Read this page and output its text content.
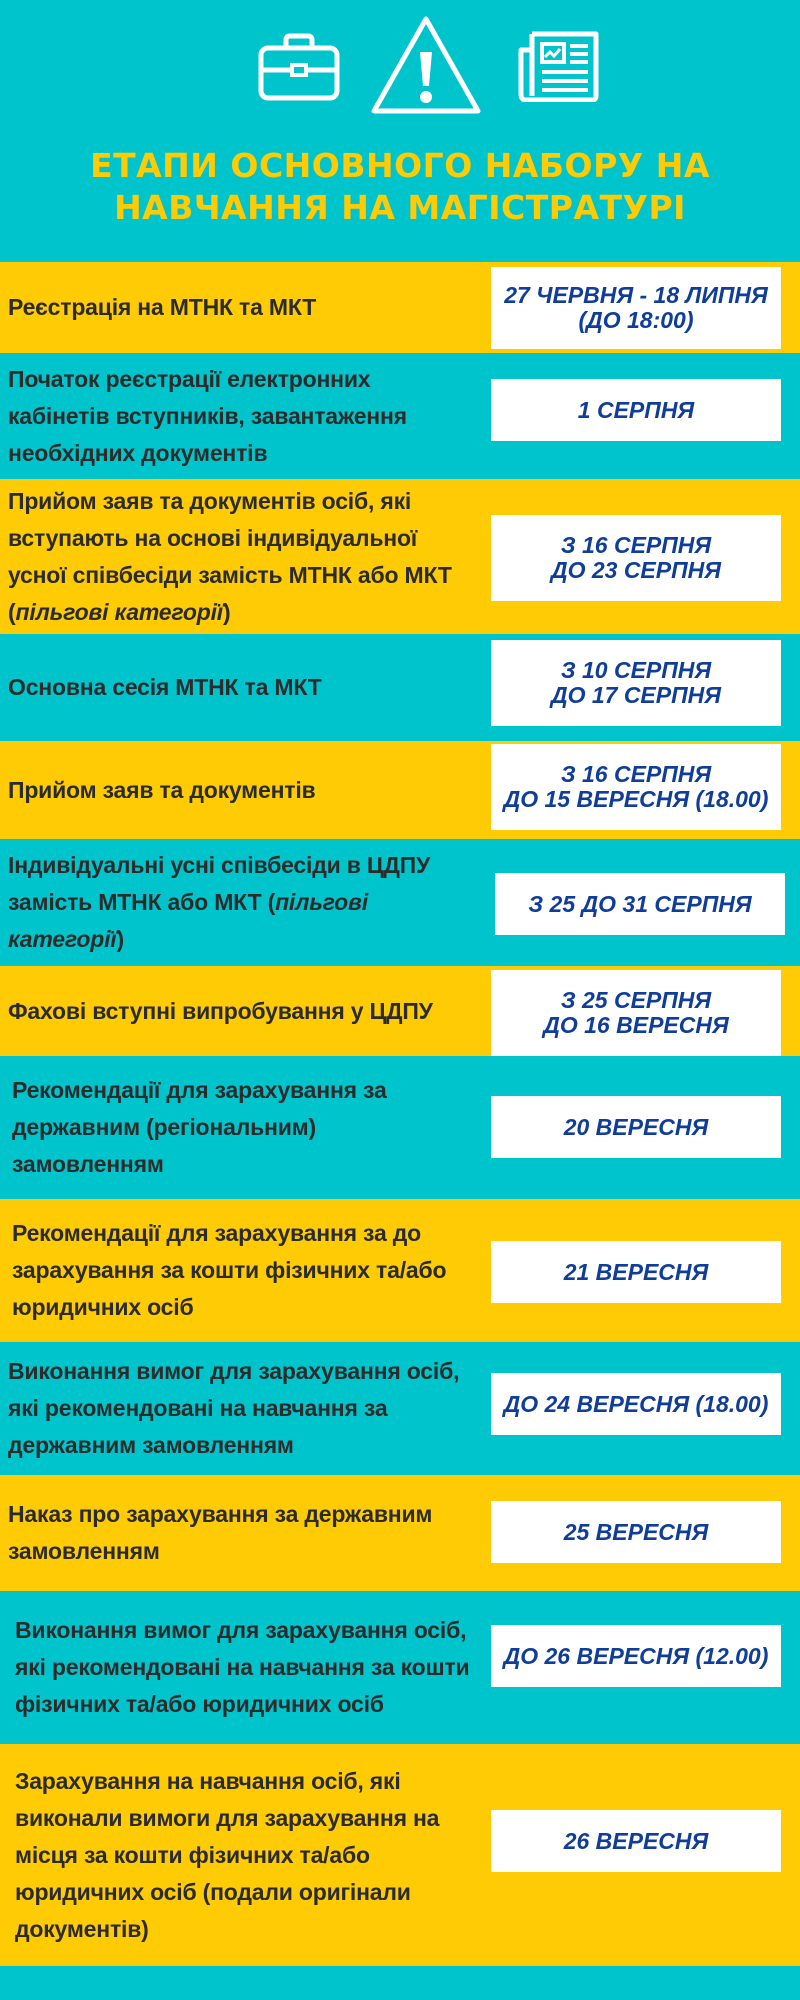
ЕТАПИ ОСНОВНОГО НАБОРУ НА
НАВЧАННЯ НА МАГІСТРАТУРІ
Реєстрація на МТНК та МКТ	27 ЧЕРВНЯ - 18 ЛИПНЯ
(ДО 18:00)
Початок реєстрації електронних кабінетів вступників, завантаження необхідних документів
1 СЕРПНЯ
Прийом заяв та документів осіб, які вступають на основі індивідуальної усної співбесіди замість МТНК або МКТ (пільгові категорії)
З 16 СЕРПНЯ
ДО 23 СЕРПНЯ
Основна сесія МТНК та МКТ
З 10 СЕРПНЯ
ДО 17 СЕРПНЯ
Прийом заяв та документів
З 16 СЕРПНЯ
ДО 15 ВЕРЕСНЯ (18.00)
Індивідуальні усні співбесіди в ЦДПУ замість МТНК або МКТ (пільгові категорії)
З 25 ДО 31 СЕРПНЯ
Фахові вступні випробування у ЦДПУ	З 25 СЕРПНЯ
ДО 16 ВЕРЕСНЯ
Рекомендації для зарахування за державним (регіональним) замовленням
20 ВЕРЕСНЯ
Рекомендації для зарахування за до зарахування за кошти фізичних та/або юридичних осіб
21 ВЕРЕСНЯ
Виконання вимог для зарахування осіб, які рекомендовані на навчання за державним замовленням
ДО 24 ВЕРЕСНЯ (18.00)
Наказ про зарахування за державним замовленням
25 ВЕРЕСНЯ
Виконання вимог для зарахування осіб, які рекомендовані на навчання за кошти фізичних та/або юридичних осіб
ДО 26 ВЕРЕСНЯ (12.00)
Зарахування на навчання осіб, які виконали вимоги для зарахування на місця за кошти фізичних та/або юридичних осіб (подали оригінали документів)
26 ВЕРЕСНЯ
